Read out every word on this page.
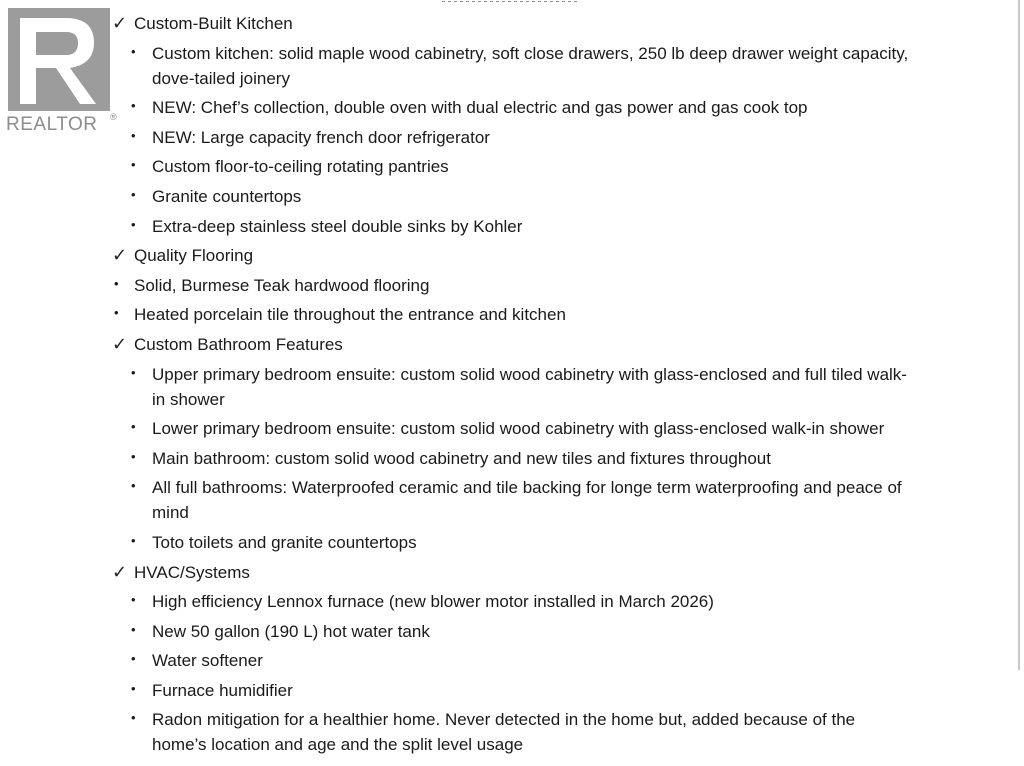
REALTOR ®
✓ Custom-Built Kitchen
• Custom kitchen: solid maple wood cabinetry, soft close drawers, 250 lb deep drawer weight capacity, dove-tailed joinery
• NEW: Chef’s collection, double oven with dual electric and gas power and gas cook top
• NEW: Large capacity french door refrigerator
• Custom floor-to-ceiling rotating pantries
• Granite countertops
• Extra-deep stainless steel double sinks by Kohler
✓ Quality Flooring
• Solid, Burmese Teak hardwood flooring
• Heated porcelain tile throughout the entrance and kitchen
✓ Custom Bathroom Features
• Upper primary bedroom ensuite: custom solid wood cabinetry with glass-enclosed and full tiled walk-in shower
• Lower primary bedroom ensuite: custom solid wood cabinetry with glass-enclosed walk-in shower
• Main bathroom: custom solid wood cabinetry and new tiles and fixtures throughout
• All full bathrooms: Waterproofed ceramic and tile backing for longe term waterproofing and peace of mind
• Toto toilets and granite countertops
✓ HVAC/Systems
• High efficiency Lennox furnace (new blower motor installed in March 2026)
• New 50 gallon (190 L) hot water tank
• Water softener
• Furnace humidifier
• Radon mitigation for a healthier home. Never detected in the home but, added because of the home’s location and age and the split level usage
